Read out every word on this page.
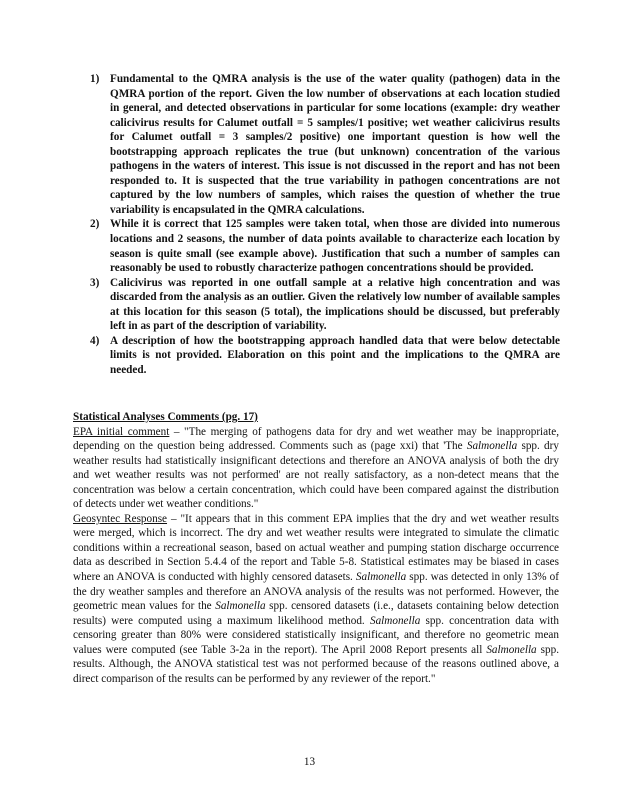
1) Fundamental to the QMRA analysis is the use of the water quality (pathogen) data in the QMRA portion of the report. Given the low number of observations at each location studied in general, and detected observations in particular for some locations (example: dry weather calicivirus results for Calumet outfall = 5 samples/1 positive; wet weather calicivirus results for Calumet outfall = 3 samples/2 positive) one important question is how well the bootstrapping approach replicates the true (but unknown) concentration of the various pathogens in the waters of interest. This issue is not discussed in the report and has not been responded to. It is suspected that the true variability in pathogen concentrations are not captured by the low numbers of samples, which raises the question of whether the true variability is encapsulated in the QMRA calculations.
2) While it is correct that 125 samples were taken total, when those are divided into numerous locations and 2 seasons, the number of data points available to characterize each location by season is quite small (see example above). Justification that such a number of samples can reasonably be used to robustly characterize pathogen concentrations should be provided.
3) Calicivirus was reported in one outfall sample at a relative high concentration and was discarded from the analysis as an outlier. Given the relatively low number of available samples at this location for this season (5 total), the implications should be discussed, but preferably left in as part of the description of variability.
4) A description of how the bootstrapping approach handled data that were below detectable limits is not provided. Elaboration on this point and the implications to the QMRA are needed.
Statistical Analyses Comments (pg. 17)

EPA initial comment – "The merging of pathogens data for dry and wet weather may be inappropriate, depending on the question being addressed. Comments such as (page xxi) that 'The Salmonella spp. dry weather results had statistically insignificant detections and therefore an ANOVA analysis of both the dry and wet weather results was not performed' are not really satisfactory, as a non-detect means that the concentration was below a certain concentration, which could have been compared against the distribution of detects under wet weather conditions."

Geosyntec Response – "It appears that in this comment EPA implies that the dry and wet weather results were merged, which is incorrect. The dry and wet weather results were integrated to simulate the climatic conditions within a recreational season, based on actual weather and pumping station discharge occurrence data as described in Section 5.4.4 of the report and Table 5-8. Statistical estimates may be biased in cases where an ANOVA is conducted with highly censored datasets. Salmonella spp. was detected in only 13% of the dry weather samples and therefore an ANOVA analysis of the results was not performed. However, the geometric mean values for the Salmonella spp. censored datasets (i.e., datasets containing below detection results) were computed using a maximum likelihood method. Salmonella spp. concentration data with censoring greater than 80% were considered statistically insignificant, and therefore no geometric mean values were computed (see Table 3-2a in the report). The April 2008 Report presents all Salmonella spp. results. Although, the ANOVA statistical test was not performed because of the reasons outlined above, a direct comparison of the results can be performed by any reviewer of the report."

13
